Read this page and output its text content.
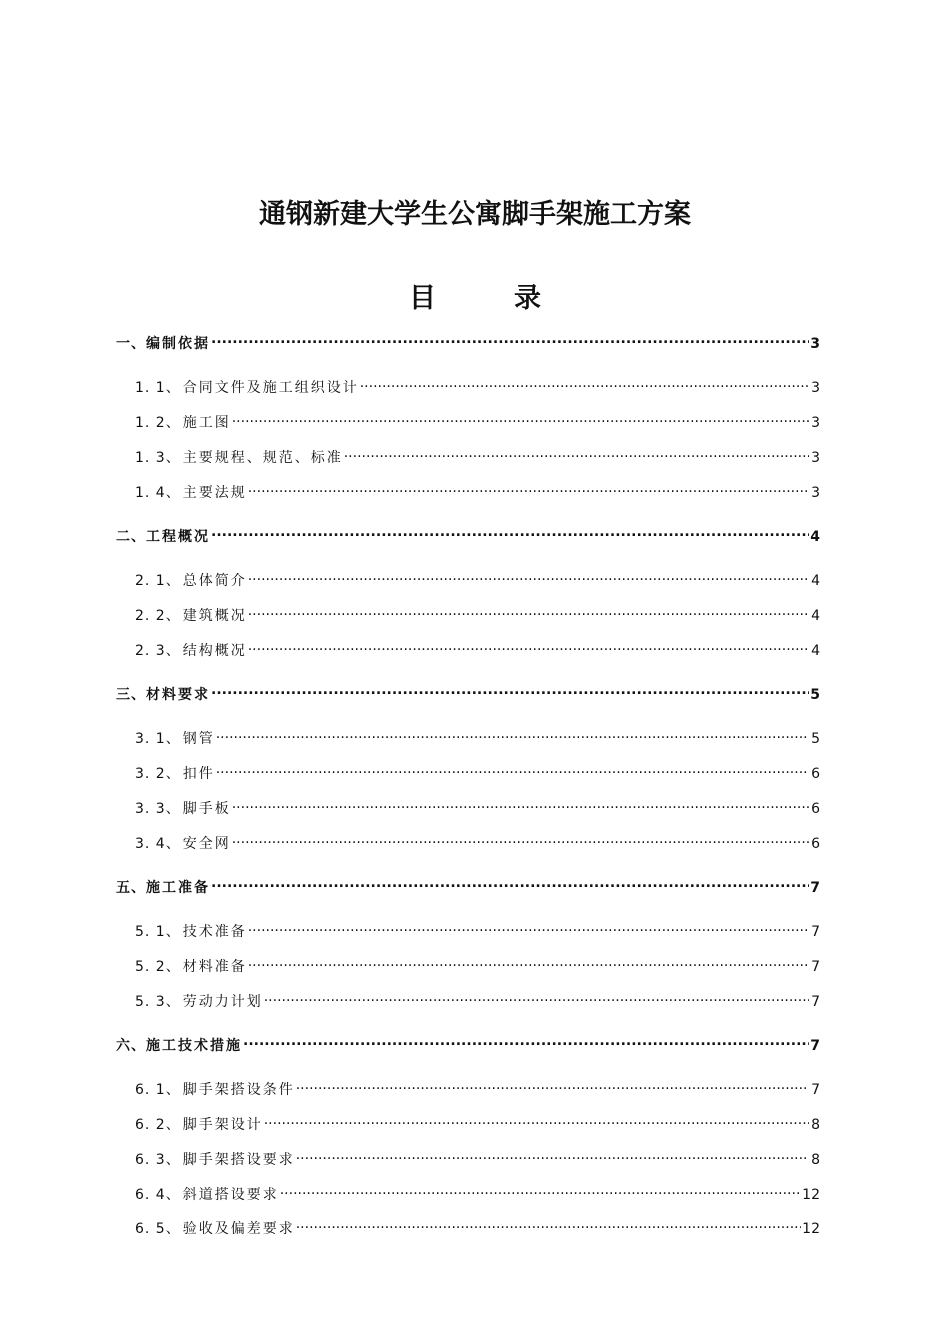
通钢新建大学生公寓脚手架施工方案
目	录
一、 编制依据 .....	3
1. 1、 合同文件及施工组织设计 .....	3
1. 2、 施工图 .....	3
1. 3、 主要规程、规范、标准 .....	3
1. 4、 主要法规 .....	3
二、 工程概况 .....	4
2. 1、 总体简介 .....	4
2. 2、 建筑概况 .....	4
2. 3、 结构概况 .....	4
三、 材料要求 .....	5
3. 1、 钢管 .....	5
3. 2、 扣件 .....	6
3. 3、 脚手板 .....	6
3. 4、 安全网 .....	6
五、 施工准备 .....	7
5. 1、 技术准备 .....	7
5. 2、 材料准备 .....	7
5. 3、 劳动力计划 .....	7
六、 施工技术措施 .....	7
6. 1、 脚手架搭设条件 .....	7
6. 2、 脚手架设计 .....	8
6. 3、 脚手架搭设要求 .....	8
6. 4、 斜道搭设要求 .....	12
6. 5、 验收及偏差要求 .....	12
